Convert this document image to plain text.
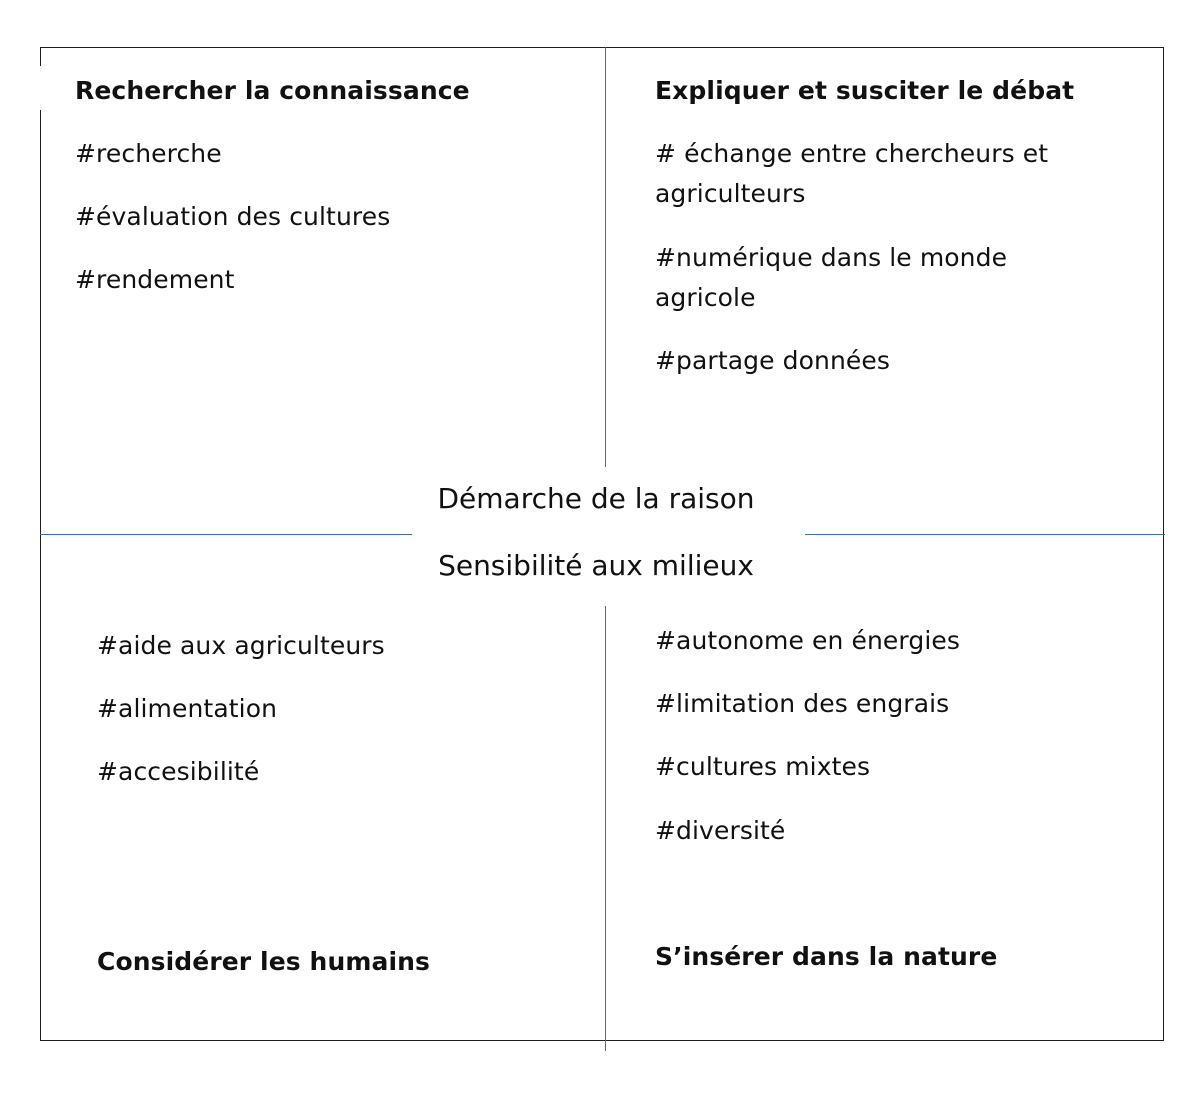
Démarche de la raison
Sensibilité aux milieux
Rechercher la connaissance
#recherche
#évaluation des cultures
#rendement
Expliquer et susciter le débat
# échange entre chercheurs et agriculteurs
#numérique dans le monde agricole
#partage données
#aide aux agriculteurs
#alimentation
#accesibilité
Considérer les humains
#autonome en énergies
#limitation des engrais
#cultures mixtes
#diversité
S’insérer dans la nature
